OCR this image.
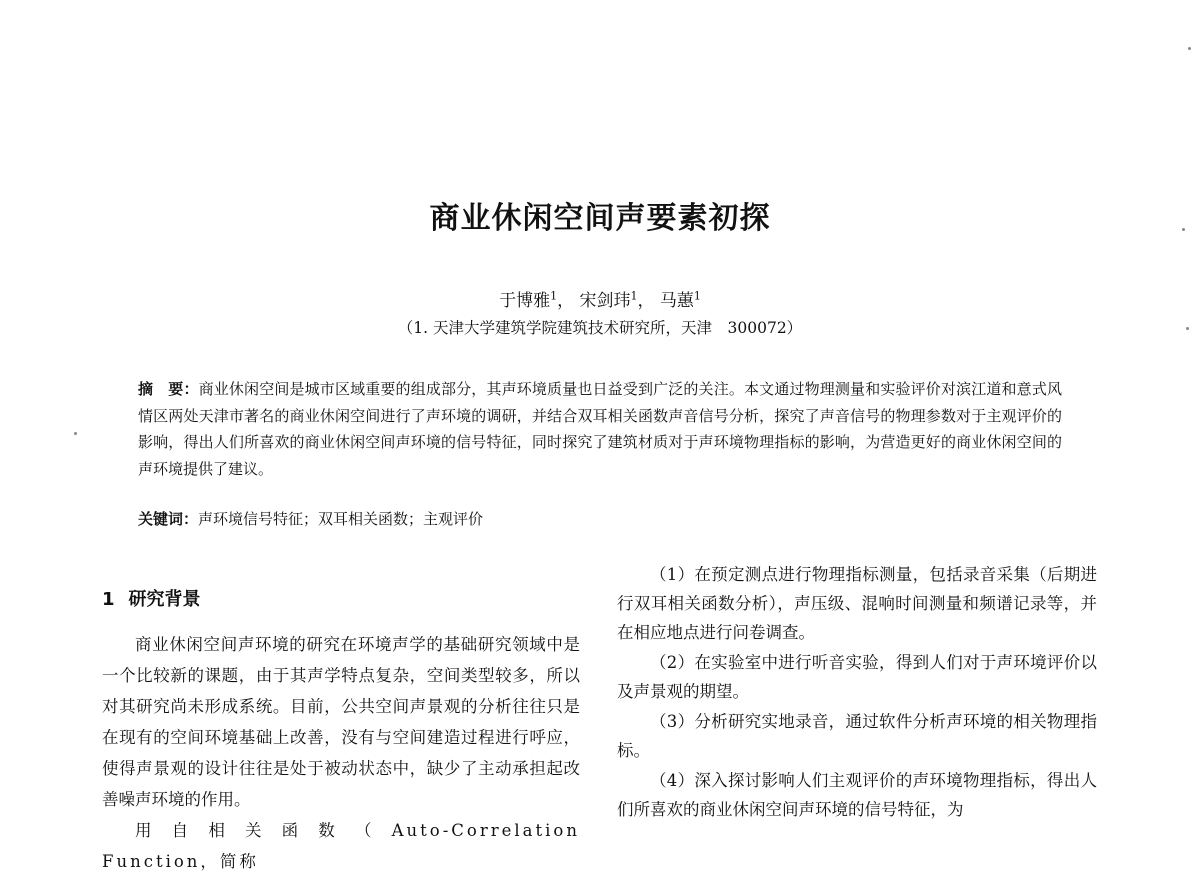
商业休闲空间声要素初探
于博雅$^1$， 宋剑玮$^1$， 马蕙$^1$
（1. 天津大学建筑学院建筑技术研究所，天津　300072）
摘　要：商业休闲空间是城市区域重要的组成部分，其声环境质量也日益受到广泛的关注。本文通过物理测量和实验评价对滨江道和意式风情区两处天津市著名的商业休闲空间进行了声环境的调研，并结合双耳相关函数声音信号分析，探究了声音信号的物理参数对于主观评价的影响，得出人们所喜欢的商业休闲空间声环境的信号特征，同时探究了建筑材质对于声环境物理指标的影响，为营造更好的商业休闲空间的声环境提供了建议。
关键词：声环境信号特征；双耳相关函数；主观评价
1 研究背景

商业休闲空间声环境的研究在环境声学的基础研究领域中是一个比较新的课题，由于其声学特点复杂，空间类型较多，所以对其研究尚未形成系统。目前，公共空间声景观的分析往往只是在现有的空间环境基础上改善，没有与空间建造过程进行呼应，使得声景观的设计往往是处于被动状态中，缺少了主动承担起改善噪声环境的作用。

用自相关函数（Auto-Correlation Function，简称

（1）在预定测点进行物理指标测量，包括录音采集（后期进行双耳相关函数分析），声压级、混响时间测量和频谱记录等，并在相应地点进行问卷调查。

（2）在实验室中进行听音实验，得到人们对于声环境评价以及声景观的期望。

（3）分析研究实地录音，通过软件分析声环境的相关物理指标。

（4）深入探讨影响人们主观评价的声环境物理指标，得出人们所喜欢的商业休闲空间声环境的信号特征，为
